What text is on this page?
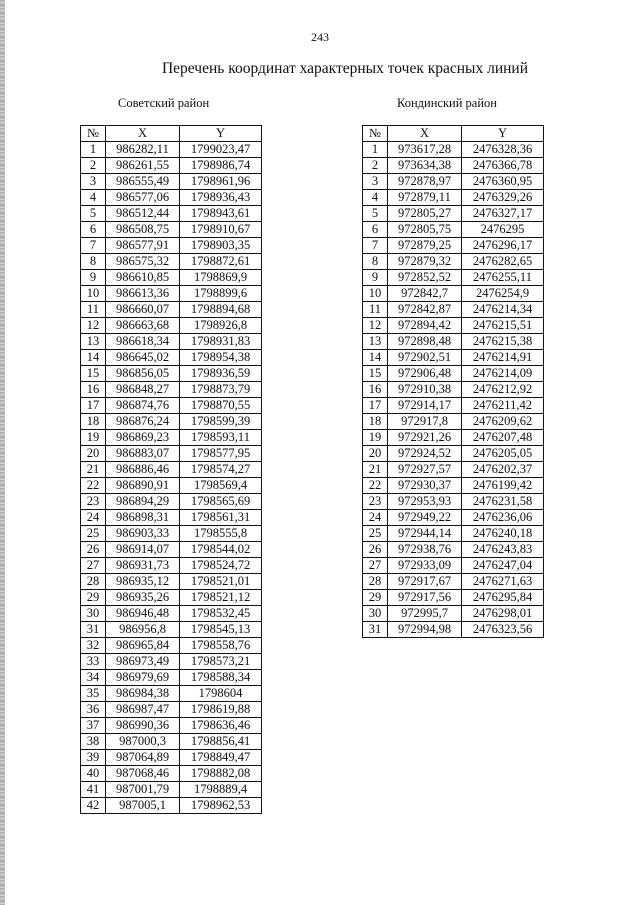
243
Перечень координат характерных точек красных линий
Советский район	Кондинский район
№	X	Y
1	986282,11	1799023,47
2	986261,55	1798986,74
3	986555,49	1798961,96
4	986577,06	1798936,43
5	986512,44	1798943,61
6	986508,75	1798910,67
7	986577,91	1798903,35
8	986575,32	1798872,61
9	986610,85	1798869,9
10	986613,36	1798899,6
11	986660,07	1798894,68
12	986663,68	1798926,8
13	986618,34	1798931,83
14	986645,02	1798954,38
15	986856,05	1798936,59
16	986848,27	1798873,79
17	986874,76	1798870,55
18	986876,24	1798599,39
19	986869,23	1798593,11
20	986883,07	1798577,95
21	986886,46	1798574,27
22	986890,91	1798569,4
23	986894,29	1798565,69
24	986898,31	1798561,31
25	986903,33	1798555,8
26	986914,07	1798544,02
27	986931,73	1798524,72
28	986935,12	1798521,01
29	986935,26	1798521,12
30	986946,48	1798532,45
31	986956,8	1798545,13
32	986965,84	1798558,76
33	986973,49	1798573,21
34	986979,69	1798588,34
35	986984,38	1798604
36	986987,47	1798619,88
37	986990,36	1798636,46
38	987000,3	1798856,41
39	987064,89	1798849,47
40	987068,46	1798882,08
41	987001,79	1798889,4
42	987005,1	1798962,53
№	X	Y
1	973617,28	2476328,36
2	973634,38	2476366,78
3	972878,97	2476360,95
4	972879,11	2476329,26
5	972805,27	2476327,17
6	972805,75	2476295
7	972879,25	2476296,17
8	972879,32	2476282,65
9	972852,52	2476255,11
10	972842,7	2476254,9
11	972842,87	2476214,34
12	972894,42	2476215,51
13	972898,48	2476215,38
14	972902,51	2476214,91
15	972906,48	2476214,09
16	972910,38	2476212,92
17	972914,17	2476211,42
18	972917,8	2476209,62
19	972921,26	2476207,48
20	972924,52	2476205,05
21	972927,57	2476202,37
22	972930,37	2476199,42
23	972953,93	2476231,58
24	972949,22	2476236,06
25	972944,14	2476240,18
26	972938,76	2476243,83
27	972933,09	2476247,04
28	972917,67	2476271,63
29	972917,56	2476295,84
30	972995,7	2476298,01
31	972994,98	2476323,56
